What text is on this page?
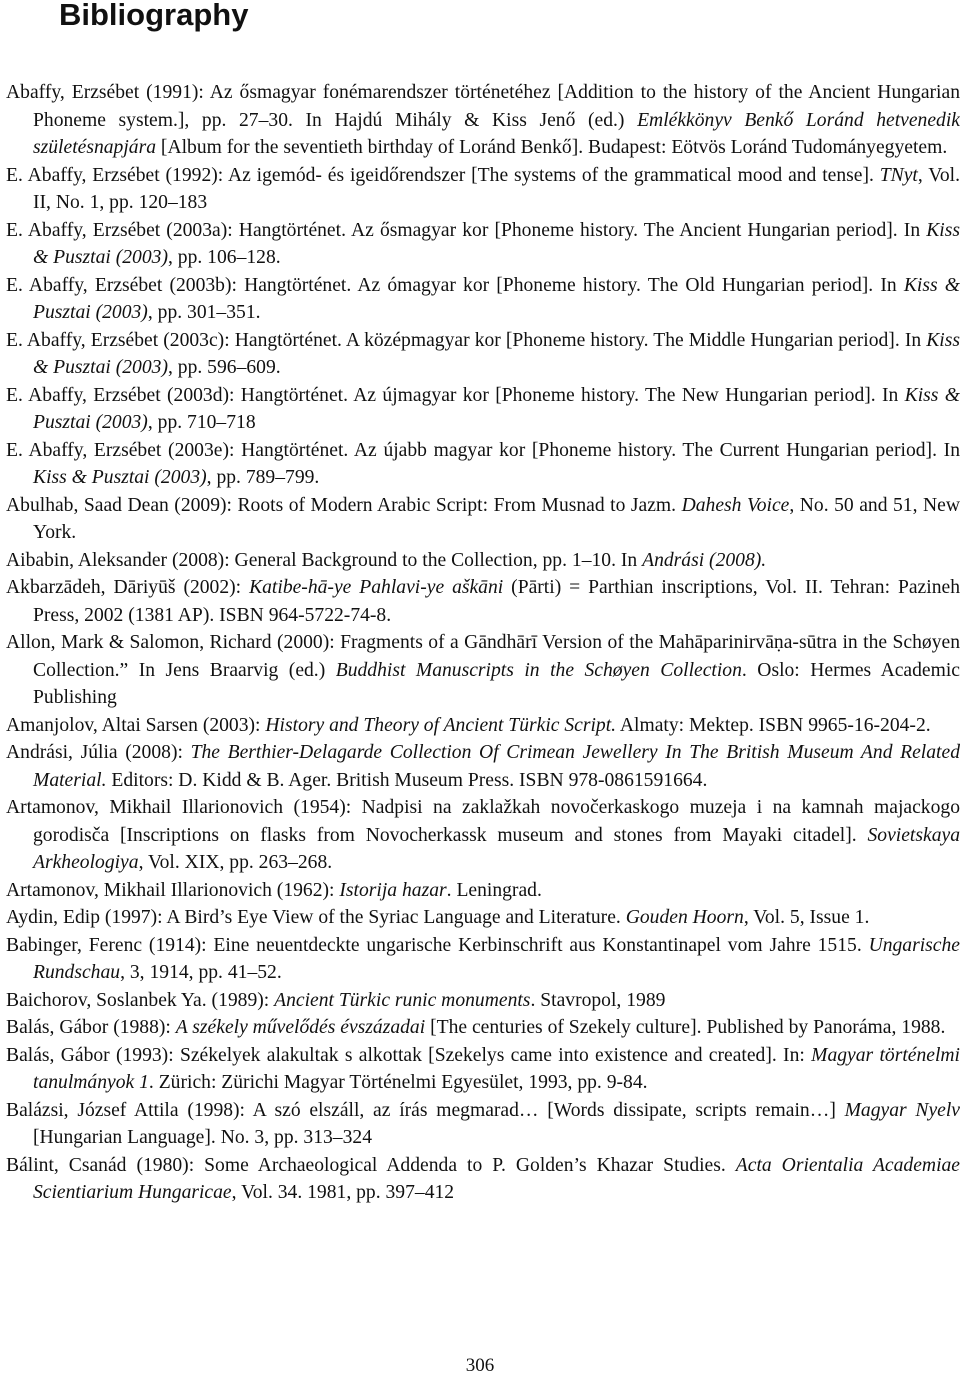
Bibliography

Abaffy, Erzsébet (1991): Az ősmagyar fonémarendszer történetéhez [Addition to the history of the Ancient Hungarian Phoneme system.], pp. 27–30. In Hajdú Mihály & Kiss Jenő (ed.) Emlékkönyv Benkő Loránd hetvenedik születésnapjára [Album for the seventieth birthday of Loránd Benkő]. Budapest: Eötvös Loránd Tudományegyetem.

E. Abaffy, Erzsébet (1992): Az igemód- és igeidőrendszer [The systems of the grammatical mood and tense]. TNyt, Vol. II, No. 1, pp. 120–183

E. Abaffy, Erzsébet (2003a): Hangtörténet. Az ősmagyar kor [Phoneme history. The Ancient Hungarian period]. In Kiss & Pusztai (2003), pp. 106–128.

E. Abaffy, Erzsébet (2003b): Hangtörténet. Az ómagyar kor [Phoneme history. The Old Hungarian period]. In Kiss & Pusztai (2003), pp. 301–351.

E. Abaffy, Erzsébet (2003c): Hangtörténet. A középmagyar kor [Phoneme history. The Middle Hungarian period]. In Kiss & Pusztai (2003), pp. 596–609.

E. Abaffy, Erzsébet (2003d): Hangtörténet. Az újmagyar kor [Phoneme history. The New Hungarian period]. In Kiss & Pusztai (2003), pp. 710–718

E. Abaffy, Erzsébet (2003e): Hangtörténet. Az újabb magyar kor [Phoneme history. The Current Hungarian period]. In Kiss & Pusztai (2003), pp. 789–799.

Abulhab, Saad Dean (2009): Roots of Modern Arabic Script: From Musnad to Jazm. Dahesh Voice, No. 50 and 51, New York.

Aibabin, Aleksander (2008): General Background to the Collection, pp. 1–10. In András​i (2008).

Akbarzādeh, Dāriyūš (2002): Katibe-hā-ye Pahlavi-ye aškāni (Pārti) = Parthian inscriptions, Vol. II. Tehran: Pazineh Press, 2002 (1381 AP). ISBN 964-5722-74-8.

Allon, Mark & Salomon, Richard (2000): Fragments of a Gāndhārī Version of the Mahāparinirvāṇa-sūtra in the Schøyen Collection.” In Jens Braarvig (ed.) Buddhist Manuscripts in the Schøyen Collection. Oslo: Hermes Academic Publishing

Amanjolov, Altai Sarsen (2003): History and Theory of Ancient Türkic Script. Almaty: Mektep. ISBN 9965-16-204-2.

Andrási, Júlia (2008): The Berthier-Delagarde Collection Of Crimean Jewellery In The British Museum And Related Material. Editors: D. Kidd & B. Ager. British Museum Press. ISBN 978-0861591664.

Artamonov, Mikhail Illarionovich (1954): Nadpisi na zaklažkah novočerkaskogo muzeja i na kamnah majackogo gorodisča [Inscriptions on flasks from Novocherkassk museum and stones from Mayaki citadel]. Sovietskaya Arkheologiya, Vol. XIX, pp. 263–268.

Artamonov, Mikhail Illarionovich (1962): Istorija hazar. Leningrad.

Aydin, Edip (1997): A Bird’s Eye View of the Syriac Language and Literature. Gouden Hoorn, Vol. 5, Issue 1.

Babinger, Ferenc (1914): Eine neuentdeckte ungarische Kerbinschrift aus Konstantinapel vom Jahre 1515. Ungarische Rundschau, 3, 1914, pp. 41–52.

Baichorov, Soslanbek Ya. (1989): Ancient Türkic runic monuments. Stavropol, 1989

Balás, Gábor (1988): A székely művelődés évszázadai [The centuries of Szekely culture]. Published by Panoráma, 1988.

Balás, Gábor (1993): Székelyek alakultak s alkottak [Szekelys came into existence and created]. In: Magyar történelmi tanulmányok 1. Zürich: Zürichi Magyar Történelmi Egyesület, 1993, pp. 9-84.

Balázsi, József Attila (1998): A szó elszáll, az írás megmarad… [Words dissipate, scripts remain…] Magyar Nyelv [Hungarian Language]. No. 3, pp. 313–324

Bálint, Csanád (1980): Some Archaeological Addenda to P. Golden’s Khazar Studies. Acta Orientalia Academiae Scientiarium Hungaricae, Vol. 34. 1981, pp. 397–412

306
